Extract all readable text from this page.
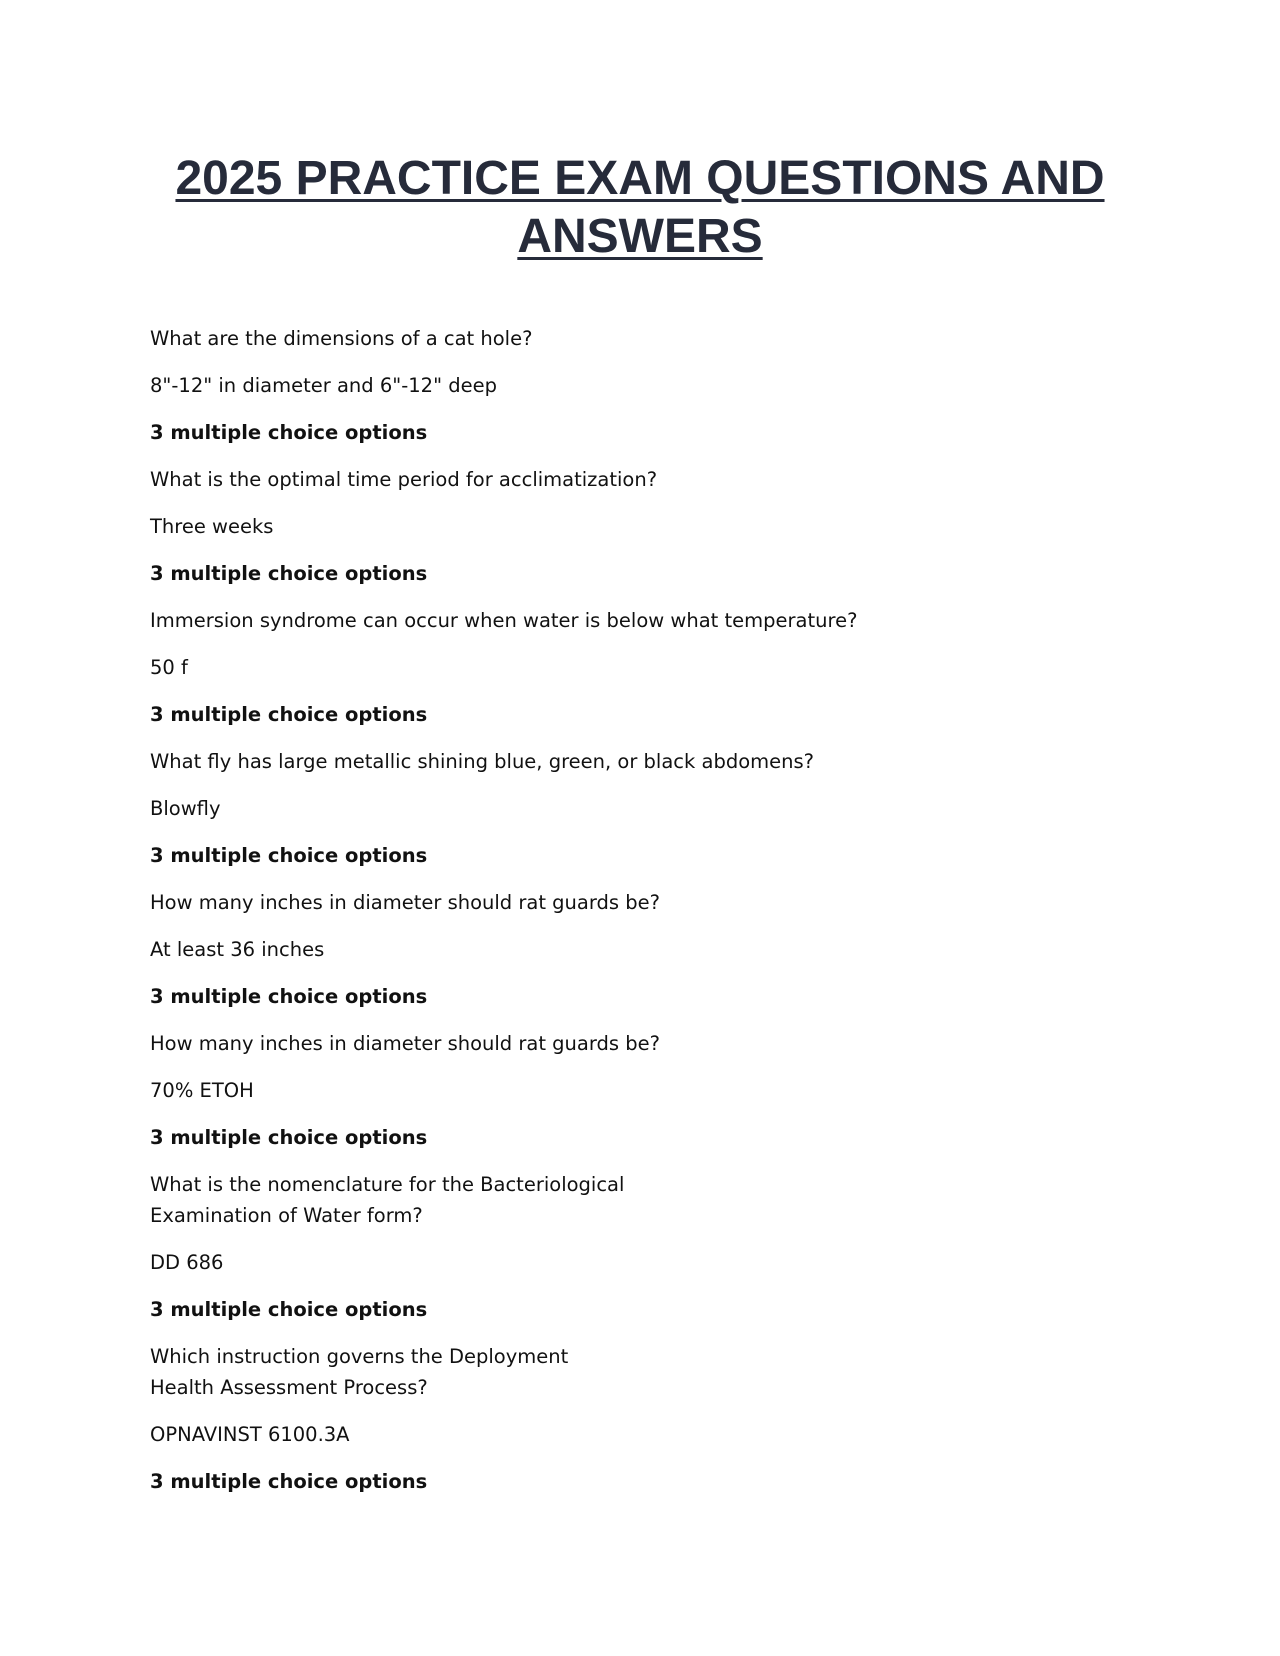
2025 PRACTICE EXAM QUESTIONS AND ANSWERS

What are the dimensions of a cat hole?

8"-12" in diameter and 6"-12" deep

3 multiple choice options

What is the optimal time period for acclimatization?

Three weeks

3 multiple choice options

Immersion syndrome can occur when water is below what temperature?

50 f

3 multiple choice options

What fly has large metallic shining blue, green, or black abdomens?

Blowfly

3 multiple choice options

How many inches in diameter should rat guards be?

At least 36 inches

3 multiple choice options

How many inches in diameter should rat guards be?

70% ETOH

3 multiple choice options

What is the nomenclature for the Bacteriological Examination of Water form?

DD 686

3 multiple choice options

Which instruction governs the Deployment Health Assessment Process?

OPNAVINST 6100.3A

3 multiple choice options
